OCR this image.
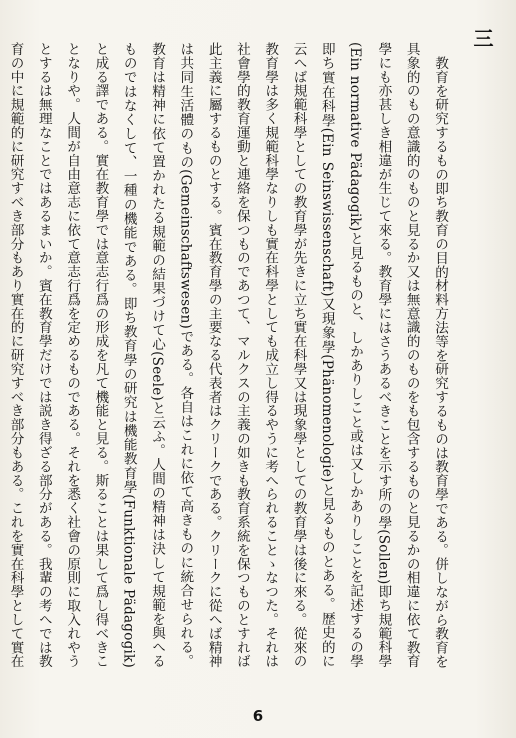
三

教育を研究するもの即ち教育の目的材料方法等を研究するものは教育學である。併しながら教育を具象的のもの意識的のものと見るか又は無意識的のものをも包含するものと見るかの相違に依て教育學にも亦甚しき相違が生じて來る。教育學にはさうあるべきことを示す所の學(Sollen)即ち規範科學(Ein normative Pädagogik)と見るものと、しかありしこと或は又しかありしことを記述するの學即ち實在科學(Ein Seinswissenschaft)又現象學(Phänomenologie)と見るものとある。歴史的に云へば規範科學としての教育學が先きに立ち實在科學又は現象學としての教育學は後に來る。從來の教育學は多く規範科學なりしも實在科學としても成立し得るやうに考へられることゝなつた。それは社會學的教育運動と連絡を保つものであつて、マルクスの主義の如きも教育系統を保つものとすれば此主義に屬するものとする。賓在教育學の主要なる代表者はクリークである。クリークに從へば精神は共同生活體のもの(Gemeinschaftswesen)である。各自はこれに依て高きものに統合せられる。教育は精神に依て置かれたる規範の結果づけて心(Seele)と云ふ。人間の精神は決して規範を與へるものではなくして、一種の機能である。即ち教育學の研究は機能教育學(Funktionale Pädagogik)と成る譯である。實在教育學では意志行爲の形成を凡て機能と見る。斯ることは果して爲し得べきことなりや。人間が自由意志に依て意志行爲を定めるものである。それを悉く社會の原則に取入れやうとするは無理なことではあるまいか。賓在教育學だけでは説き得ざる部分がある。我輩の考へでは教育の中に規範的に研究すべき部分もあり實在的に研究すべき部分もある。これを實在科學として實在

6
